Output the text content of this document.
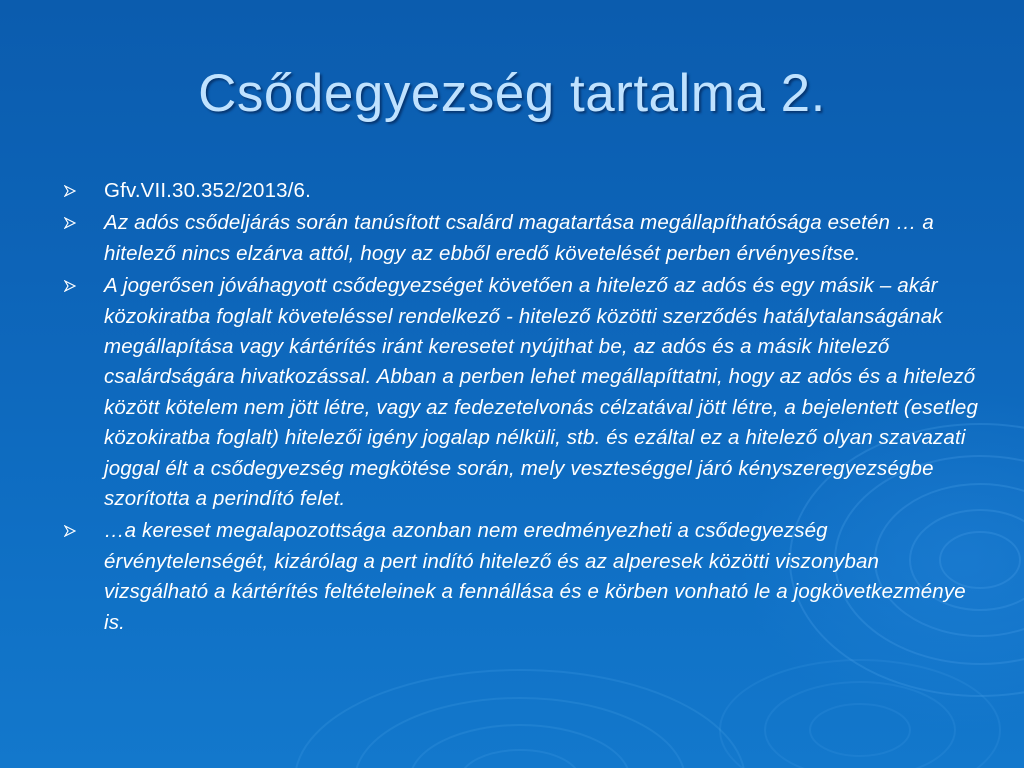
Csődegyezség tartalma 2.
Gfv.VII.30.352/2013/6.
Az adós csődeljárás során tanúsított csalárd magatartása megállapíthatósága esetén … a hitelező nincs elzárva attól, hogy az ebből eredő követelését perben érvényesítse.
A jogerősen jóváhagyott csődegyezséget követően a hitelező az adós és egy másik – akár közokiratba foglalt követeléssel rendelkező - hitelező közötti szerződés hatálytalanságának megállapítása vagy kártérítés iránt keresetet nyújthat be, az adós és a másik hitelező csalárdságára hivatkozással. Abban a perben lehet megállapíttatni, hogy az adós és a hitelező között kötelem nem jött létre, vagy az fedezetelvonás célzatával jött létre, a bejelentett (esetleg közokiratba foglalt) hitelezői igény jogalap nélküli, stb. és ezáltal ez a hitelező olyan szavazati joggal élt a csődegyezség megkötése során, mely veszteséggel járó kényszeregyezségbe szorította a perindító felet.
…a kereset megalapozottsága azonban nem eredményezheti a csődegyezség érvénytelenségét, kizárólag a pert indító hitelező és az alperesek közötti viszonyban vizsgálható a kártérítés feltételeinek a fennállása és e körben vonható le a jogkövetkezménye is.
